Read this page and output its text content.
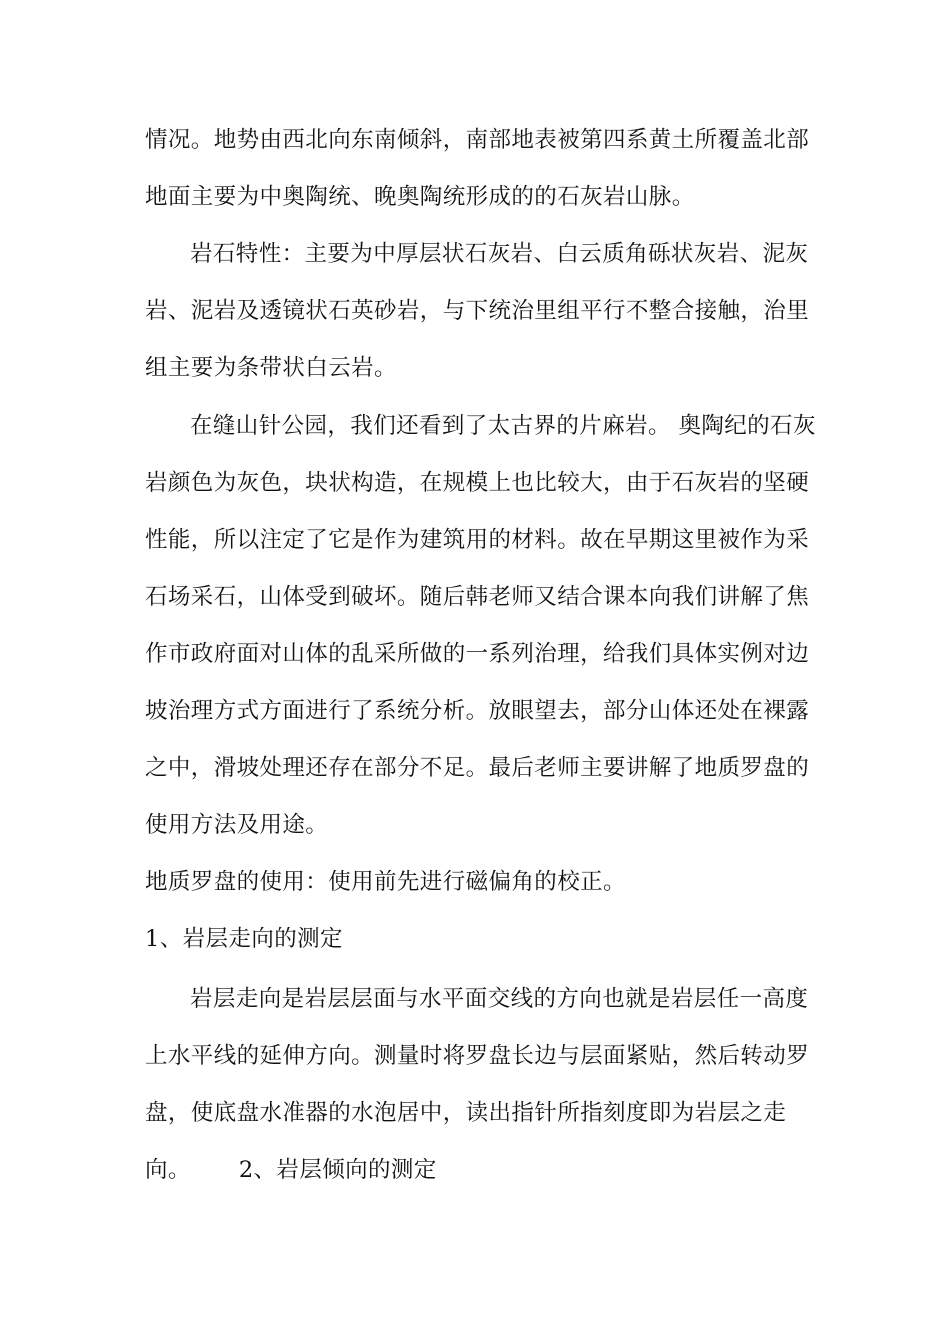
情况。地势由西北向东南倾斜，南部地表被第四系黄土所覆盖北部
地面主要为中奥陶统、晚奥陶统形成的的石灰岩山脉。
岩石特性：主要为中厚层状石灰岩、白云质角砾状灰岩、泥灰
岩、泥岩及透镜状石英砂岩，与下统治里组平行不整合接触，治里
组主要为条带状白云岩。
在缝山针公园，我们还看到了太古界的片麻岩。 奥陶纪的石灰
岩颜色为灰色，块状构造，在规模上也比较大，由于石灰岩的坚硬
性能，所以注定了它是作为建筑用的材料。故在早期这里被作为采
石场采石，山体受到破坏。随后韩老师又结合课本向我们讲解了焦
作市政府面对山体的乱采所做的一系列治理，给我们具体实例对边
坡治理方式方面进行了系统分析。放眼望去，部分山体还处在裸露
之中，滑坡处理还存在部分不足。最后老师主要讲解了地质罗盘的
使用方法及用途。
地质罗盘的使用：使用前先进行磁偏角的校正。
1、岩层走向的测定
岩层走向是岩层层面与水平面交线的方向也就是岩层任一高度
上水平线的延伸方向。测量时将罗盘长边与层面紧贴，然后转动罗
盘，使底盘水准器的水泡居中，读出指针所指刻度即为岩层之走
向。 2、岩层倾向的测定
